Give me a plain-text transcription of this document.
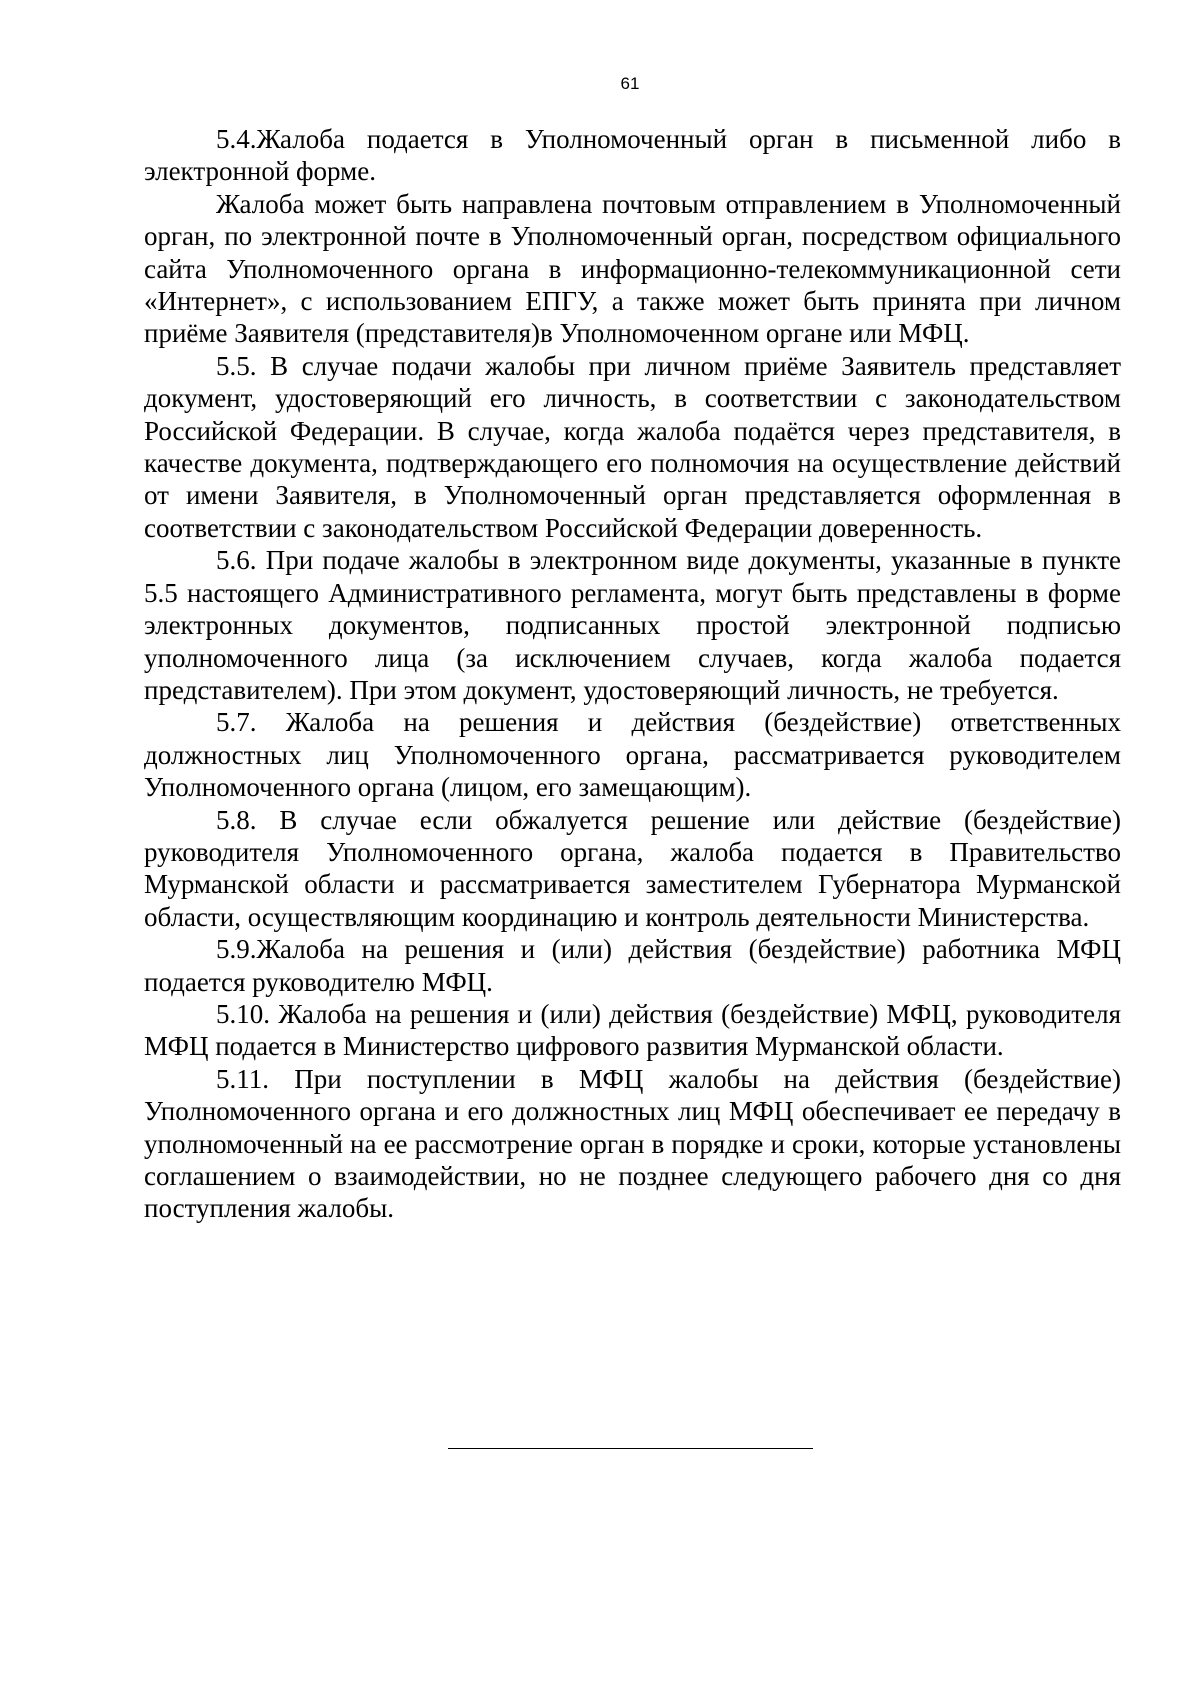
61

5.4.Жалоба подается в Уполномоченный орган в письменной либо в электронной форме.

Жалоба может быть направлена почтовым отправлением в Уполномоченный орган, по электронной почте в Уполномоченный орган, посредством официального сайта Уполномоченного органа в информационно-телекоммуникационной сети «Интернет», с использованием ЕПГУ, а также может быть принята при личном приёме Заявителя (представителя)в Уполномоченном органе или МФЦ.

5.5. В случае подачи жалобы при личном приёме Заявитель представляет документ, удостоверяющий его личность, в соответствии с законодательством Российской Федерации. В случае, когда жалоба подаётся через представителя, в качестве документа, подтверждающего его полномочия на осуществление действий от имени Заявителя, в Уполномоченный орган представляется оформленная в соответствии с законодательством Российской Федерации доверенность.

5.6. При подаче жалобы в электронном виде документы, указанные в пункте 5.5 настоящего Административного регламента, могут быть представлены в форме электронных документов, подписанных простой электронной подписью уполномоченного лица (за исключением случаев, когда жалоба подается представителем). При этом документ, удостоверяющий личность, не требуется.

5.7. Жалоба на решения и действия (бездействие) ответственных должностных лиц Уполномоченного органа, рассматривается руководителем Уполномоченного органа (лицом, его замещающим).

5.8. В случае если обжалуется решение или действие (бездействие) руководителя Уполномоченного органа, жалоба подается в Правительство Мурманской области и рассматривается заместителем Губернатора Мурманской области, осуществляющим координацию и контроль деятельности Министерства.

5.9.Жалоба на решения и (или) действия (бездействие) работника МФЦ подается руководителю МФЦ.

5.10. Жалоба на решения и (или) действия (бездействие) МФЦ, руководителя МФЦ подается в Министерство цифрового развития Мурманской области.

5.11. При поступлении в МФЦ жалобы на действия (бездействие) Уполномоченного органа и его должностных лиц МФЦ обеспечивает ее передачу в уполномоченный на ее рассмотрение орган в порядке и сроки, которые установлены соглашением о взаимодействии, но не позднее следующего рабочего дня со дня поступления жалобы.
